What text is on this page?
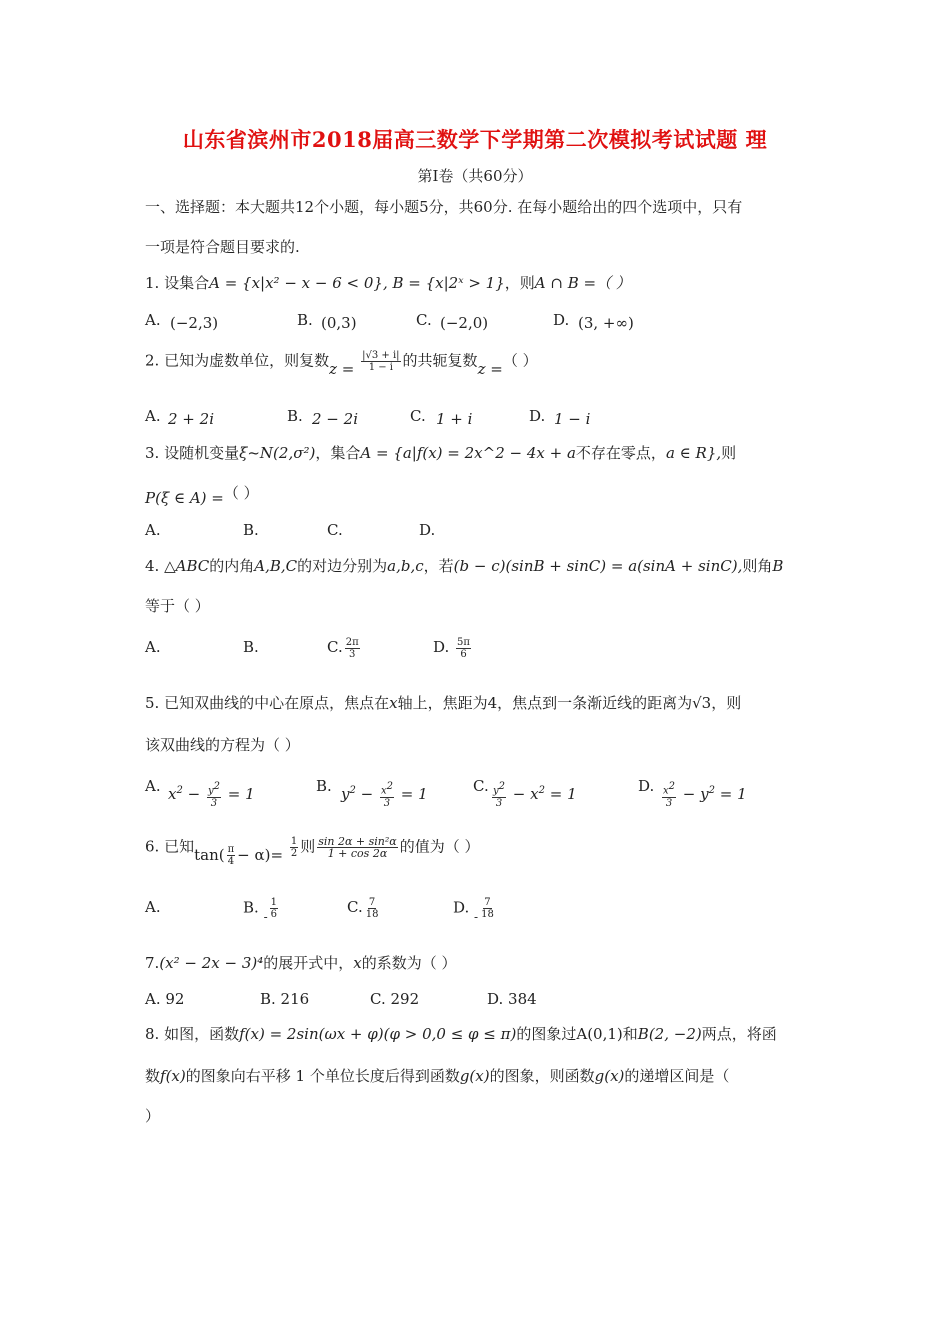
山东省滨州市2018届高三数学下学期第二次模拟考试试题 理
第Ⅰ卷（共60分）
一、选择题：本大题共12个小题，每小题5分，共60分. 在每小题给出的四个选项中，只有
一项是符合题目要求的.
1. 设集合A = {x|x² − x − 6 < 0}, B = {x|2ˣ > 1}，则A ∩ B =（ ）
A. (−2,3)	B. (0,3)	C. (−2,0)	D. (3, +∞)
2. 已知为虚数单位，则复数$z = \frac{|√3 + i|}{1 - i}$ 的共轭复数z =（ ）
A. 2 + 2i	B. 2 − 2i	C. 1 + i	D. 1 − i
3. 设随机变量ξ~N(2,σ²)，集合A = {a|f(x) = 2x^2 − 4x + a不存在零点，a ∈ R},则
P(ξ ∈ A) =（ ）
A.	B.	C.	D.
4. △ABC的内角A,B,C的对边分别为a,b,c，若(b − c)(sinB + sinC) = a(sinA + sinC),则角B
等于（ ）
A.	B.	C. $\frac{2\pi}{3}$	D. $\frac{5\pi}{6}$
5. 已知双曲线的中心在原点，焦点在x轴上，焦距为4，焦点到一条渐近线的距离为√3，则
该双曲线的方程为（ ）
A. $x^2 - \frac{y^2}{3} = 1$	B. $y^2 - \frac{x^2}{3} = 1$	C. $\frac{y^2}{3} - x^2 = 1$	D. $\frac{x^2}{3} - y^2 = 1$
6. 已知$\tan( \frac{\pi}{4} - \alpha)= \frac{1}{2}$ 则 $\frac{\text{sin 2α + sin²α}}{1 + \cos 2\alpha}$ 的值为（ ）
A.	B. $_- \frac{1}{6}$	C. $\frac{7}{18}$	D. $_- \frac{7}{18}$
7.(x² − 2x − 3)⁴的展开式中，x的系数为（ ）
A. 92	B. 216	C. 292	D. 384
8. 如图，函数f(x) = 2sin(ωx + φ)(φ > 0,0 ≤ φ ≤ π)的图象过A(0,1)和B(2, −2)两点，将函
数f(x)的图象向右平移 1 个单位长度后得到函数g(x)的图象，则函数g(x)的递增区间是（
）
